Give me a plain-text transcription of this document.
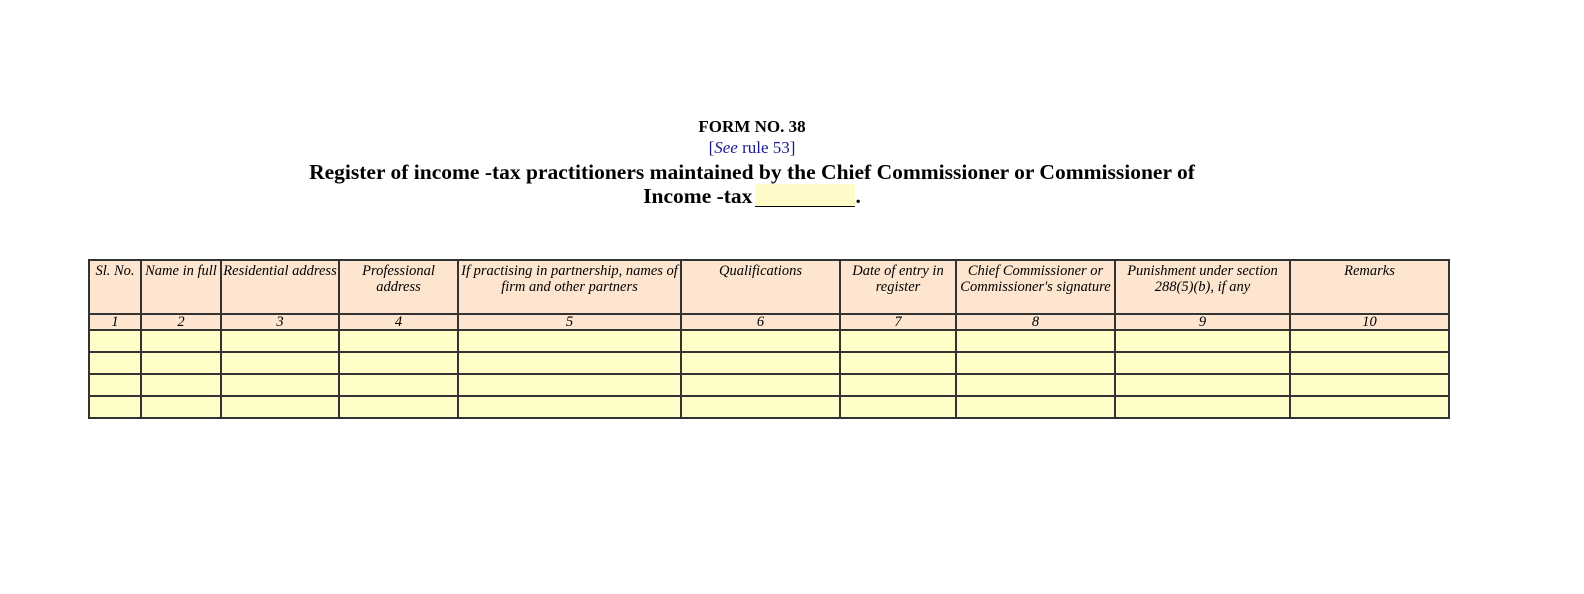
FORM NO. 38
[See rule 53]
Register of income -tax practitioners maintained by the Chief Commissioner or Commissioner of
Income -tax	.
Sl. No.	Name in full	Residential address	Professional address	If practising in partnership, names of firm and other partners	Qualifications	Date of entry in register	Chief Commissioner or Commissioner's signature	Punishment under section 288(5)(b), if any	Remarks
1	2	3	4	5	6	7	8	9	10
